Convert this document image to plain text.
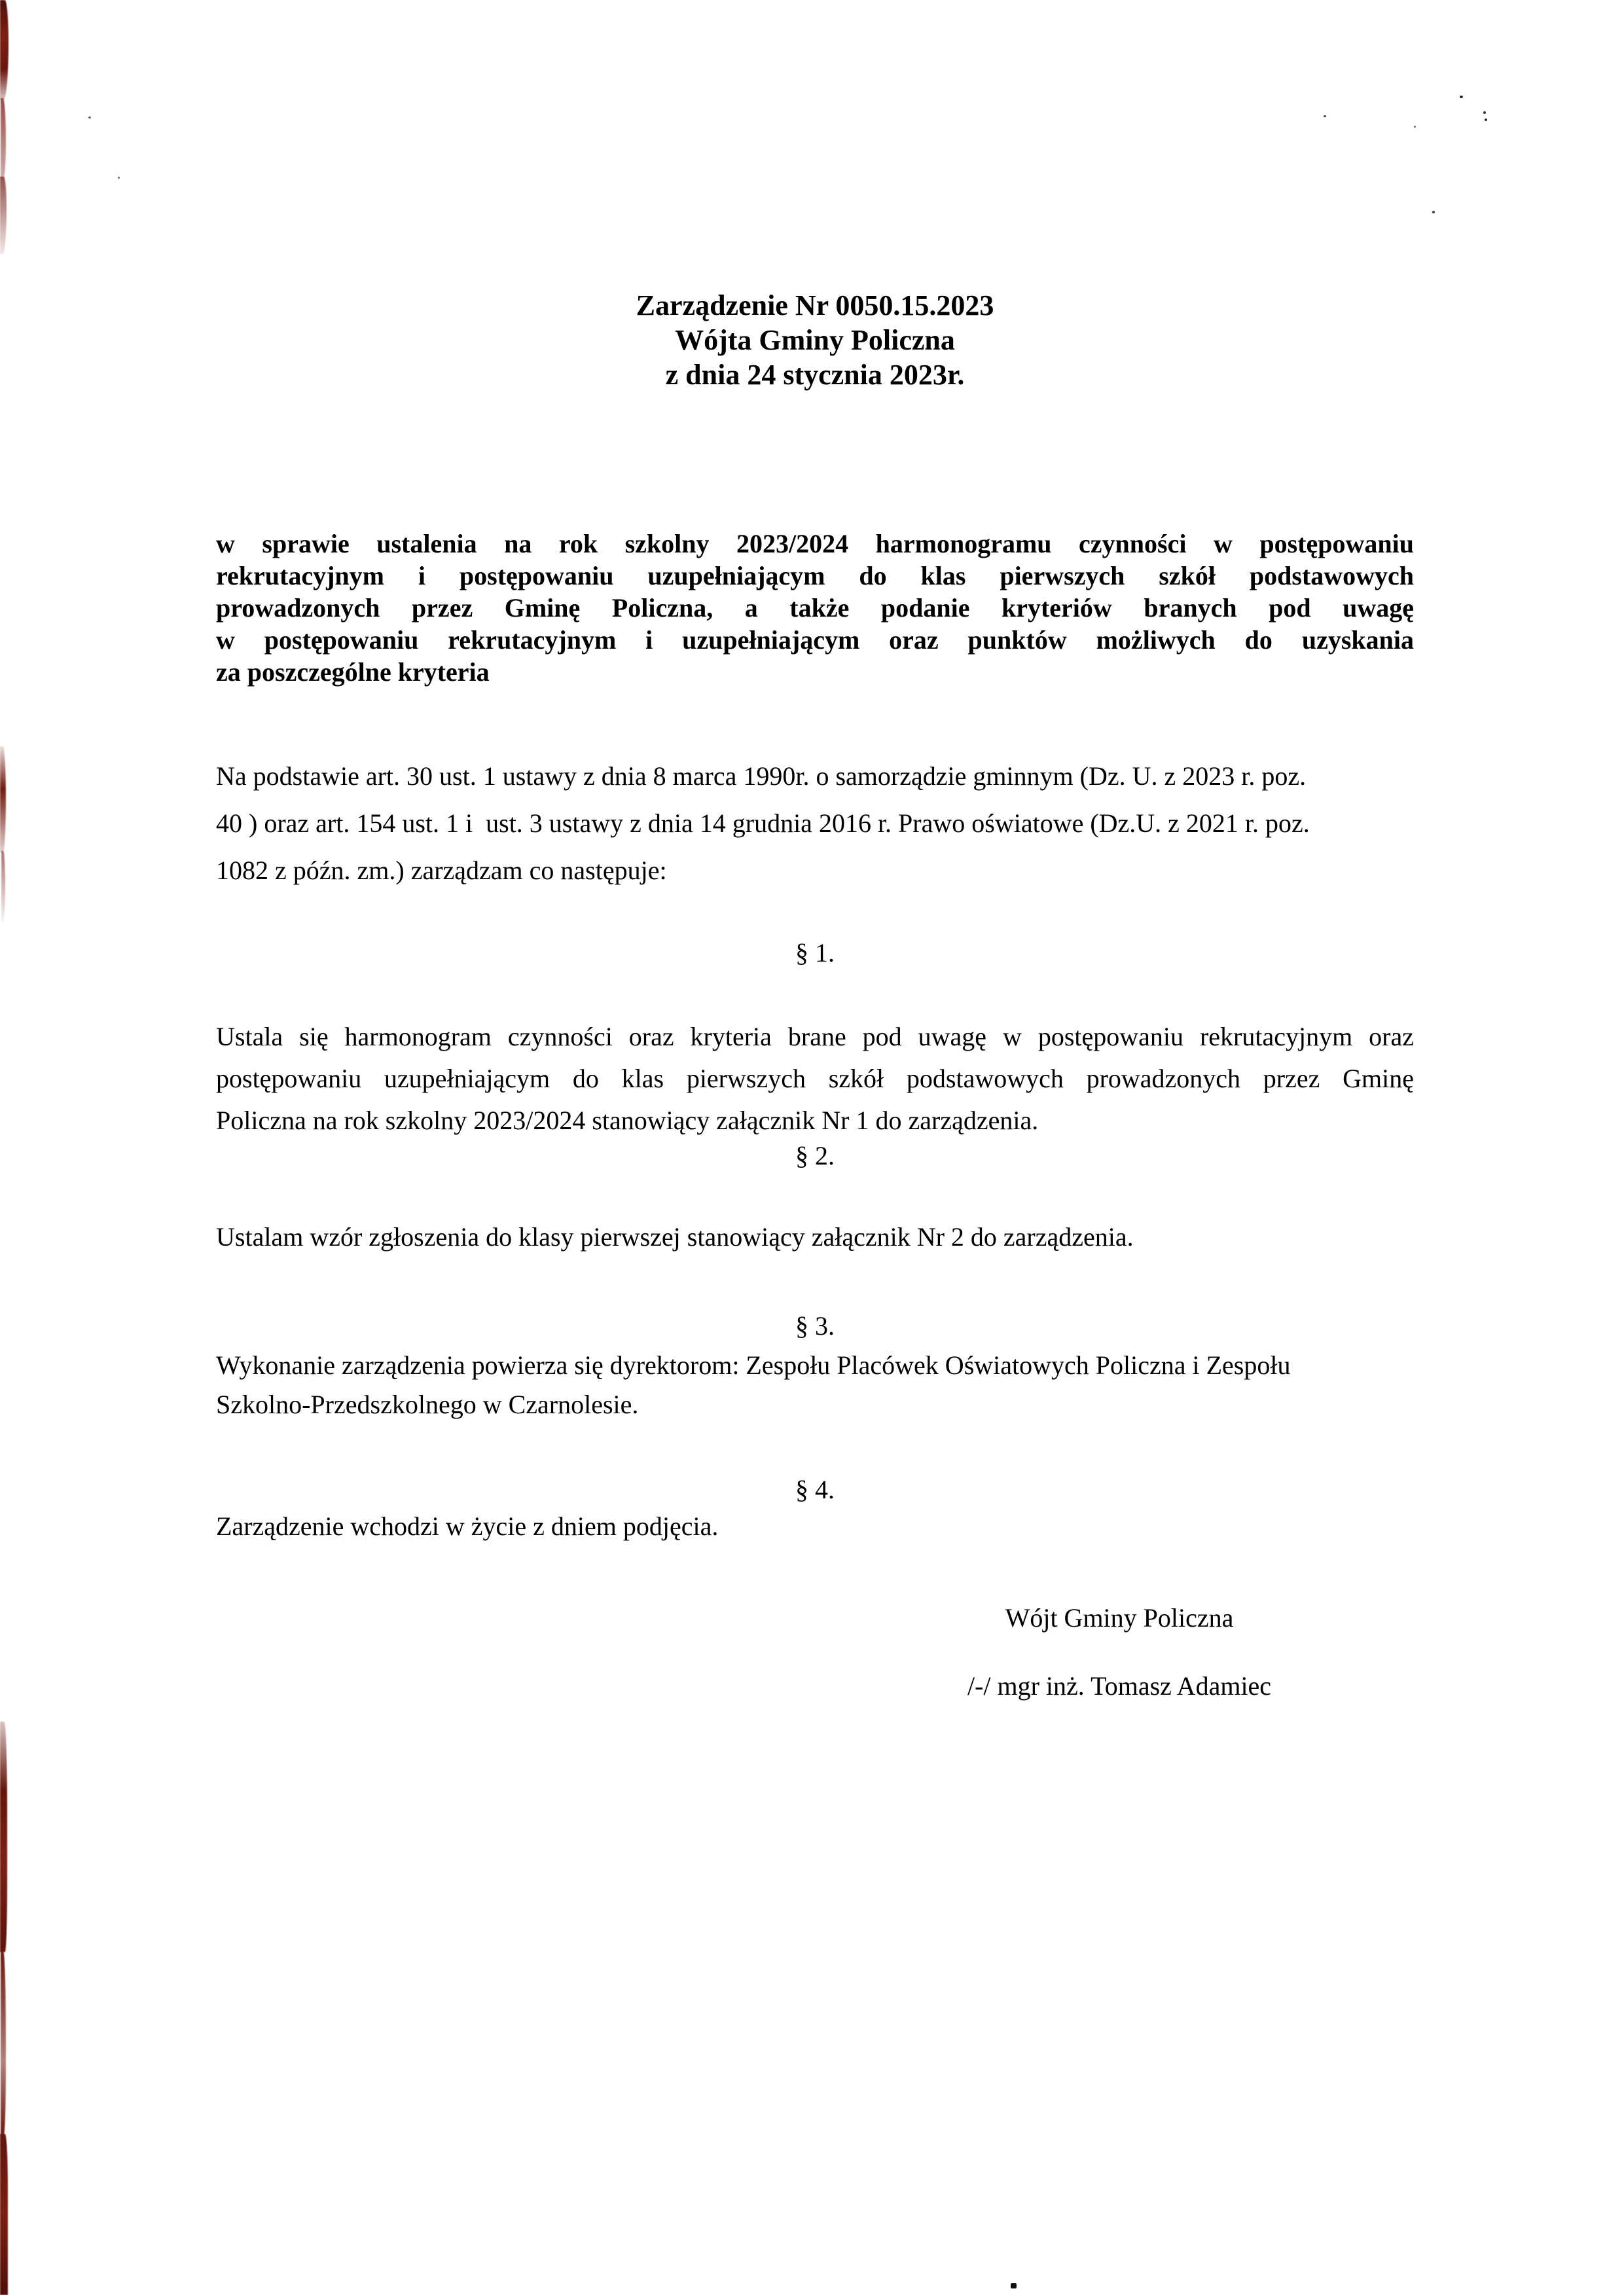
Zarządzenie Nr 0050.15.2023
Wójta Gminy Policzna
z dnia 24 stycznia 2023r.
w sprawie ustalenia na rok szkolny 2023/2024 harmonogramu czynności w postępowaniu
rekrutacyjnym i postępowaniu uzupełniającym do klas pierwszych szkół podstawowych
prowadzonych przez Gminę Policzna, a także podanie kryteriów branych pod uwagę
w postępowaniu rekrutacyjnym i uzupełniającym oraz punktów możliwych do uzyskania
za poszczególne kryteria
Na podstawie art. 30 ust. 1 ustawy z dnia 8 marca 1990r. o samorządzie gminnym (Dz. U. z 2023 r. poz.
40 ) oraz art. 154 ust. 1 i  ust. 3 ustawy z dnia 14 grudnia 2016 r. Prawo oświatowe (Dz.U. z 2021 r. poz.
1082 z późn. zm.) zarządzam co następuje:
§ 1.
Ustala się harmonogram czynności oraz kryteria brane pod uwagę w postępowaniu rekrutacyjnym oraz
postępowaniu uzupełniającym do klas pierwszych szkół podstawowych prowadzonych przez Gminę
Policzna na rok szkolny 2023/2024 stanowiący załącznik Nr 1 do zarządzenia.
§ 2.
Ustalam wzór zgłoszenia do klasy pierwszej stanowiący załącznik Nr 2 do zarządzenia.
§ 3.
Wykonanie zarządzenia powierza się dyrektorom: Zespołu Placówek Oświatowych Policzna i Zespołu
Szkolno-Przedszkolnego w Czarnolesie.
§ 4.
Zarządzenie wchodzi w życie z dniem podjęcia.
Wójt Gminy Policzna
/-/ mgr inż. Tomasz Adamiec
